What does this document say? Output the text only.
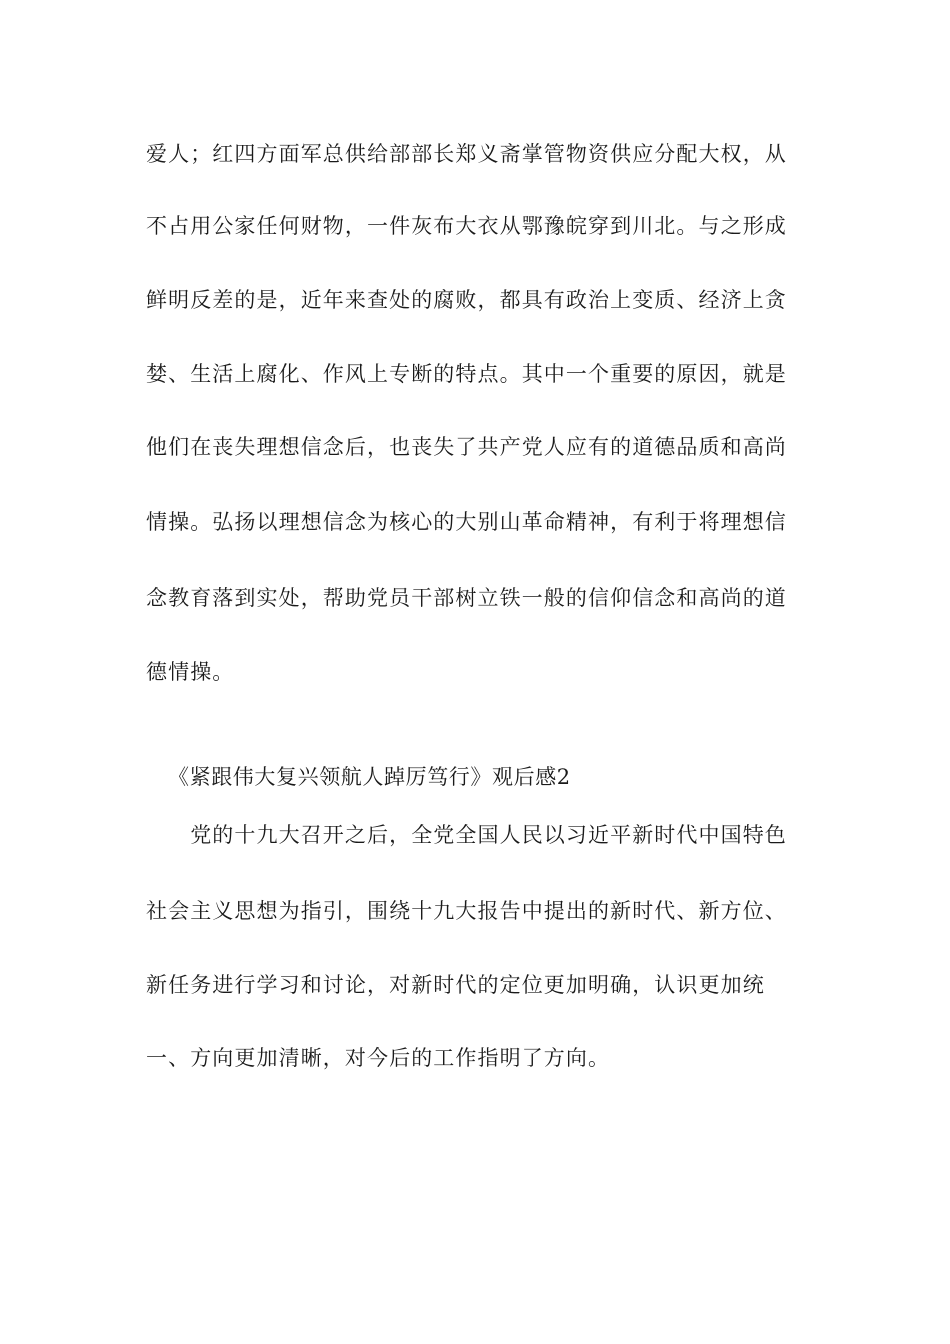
爱人；红四方面军总供给部部长郑义斋掌管物资供应分配大权，从
不占用公家任何财物，一件灰布大衣从鄂豫皖穿到川北。与之形成
鲜明反差的是，近年来查处的腐败，都具有政治上变质、经济上贪
婪、生活上腐化、作风上专断的特点。其中一个重要的原因，就是
他们在丧失理想信念后，也丧失了共产党人应有的道德品质和高尚
情操。弘扬以理想信念为核心的大别山革命精神，有利于将理想信
念教育落到实处，帮助党员干部树立铁一般的信仰信念和高尚的道
德情操。
《紧跟伟大复兴领航人踔厉笃行》观后感2
　　党的十九大召开之后，全党全国人民以习近平新时代中国特色
社会主义思想为指引，围绕十九大报告中提出的新时代、新方位、
新任务进行学习和讨论，对新时代的定位更加明确，认识更加统
一、方向更加清晰，对今后的工作指明了方向。
